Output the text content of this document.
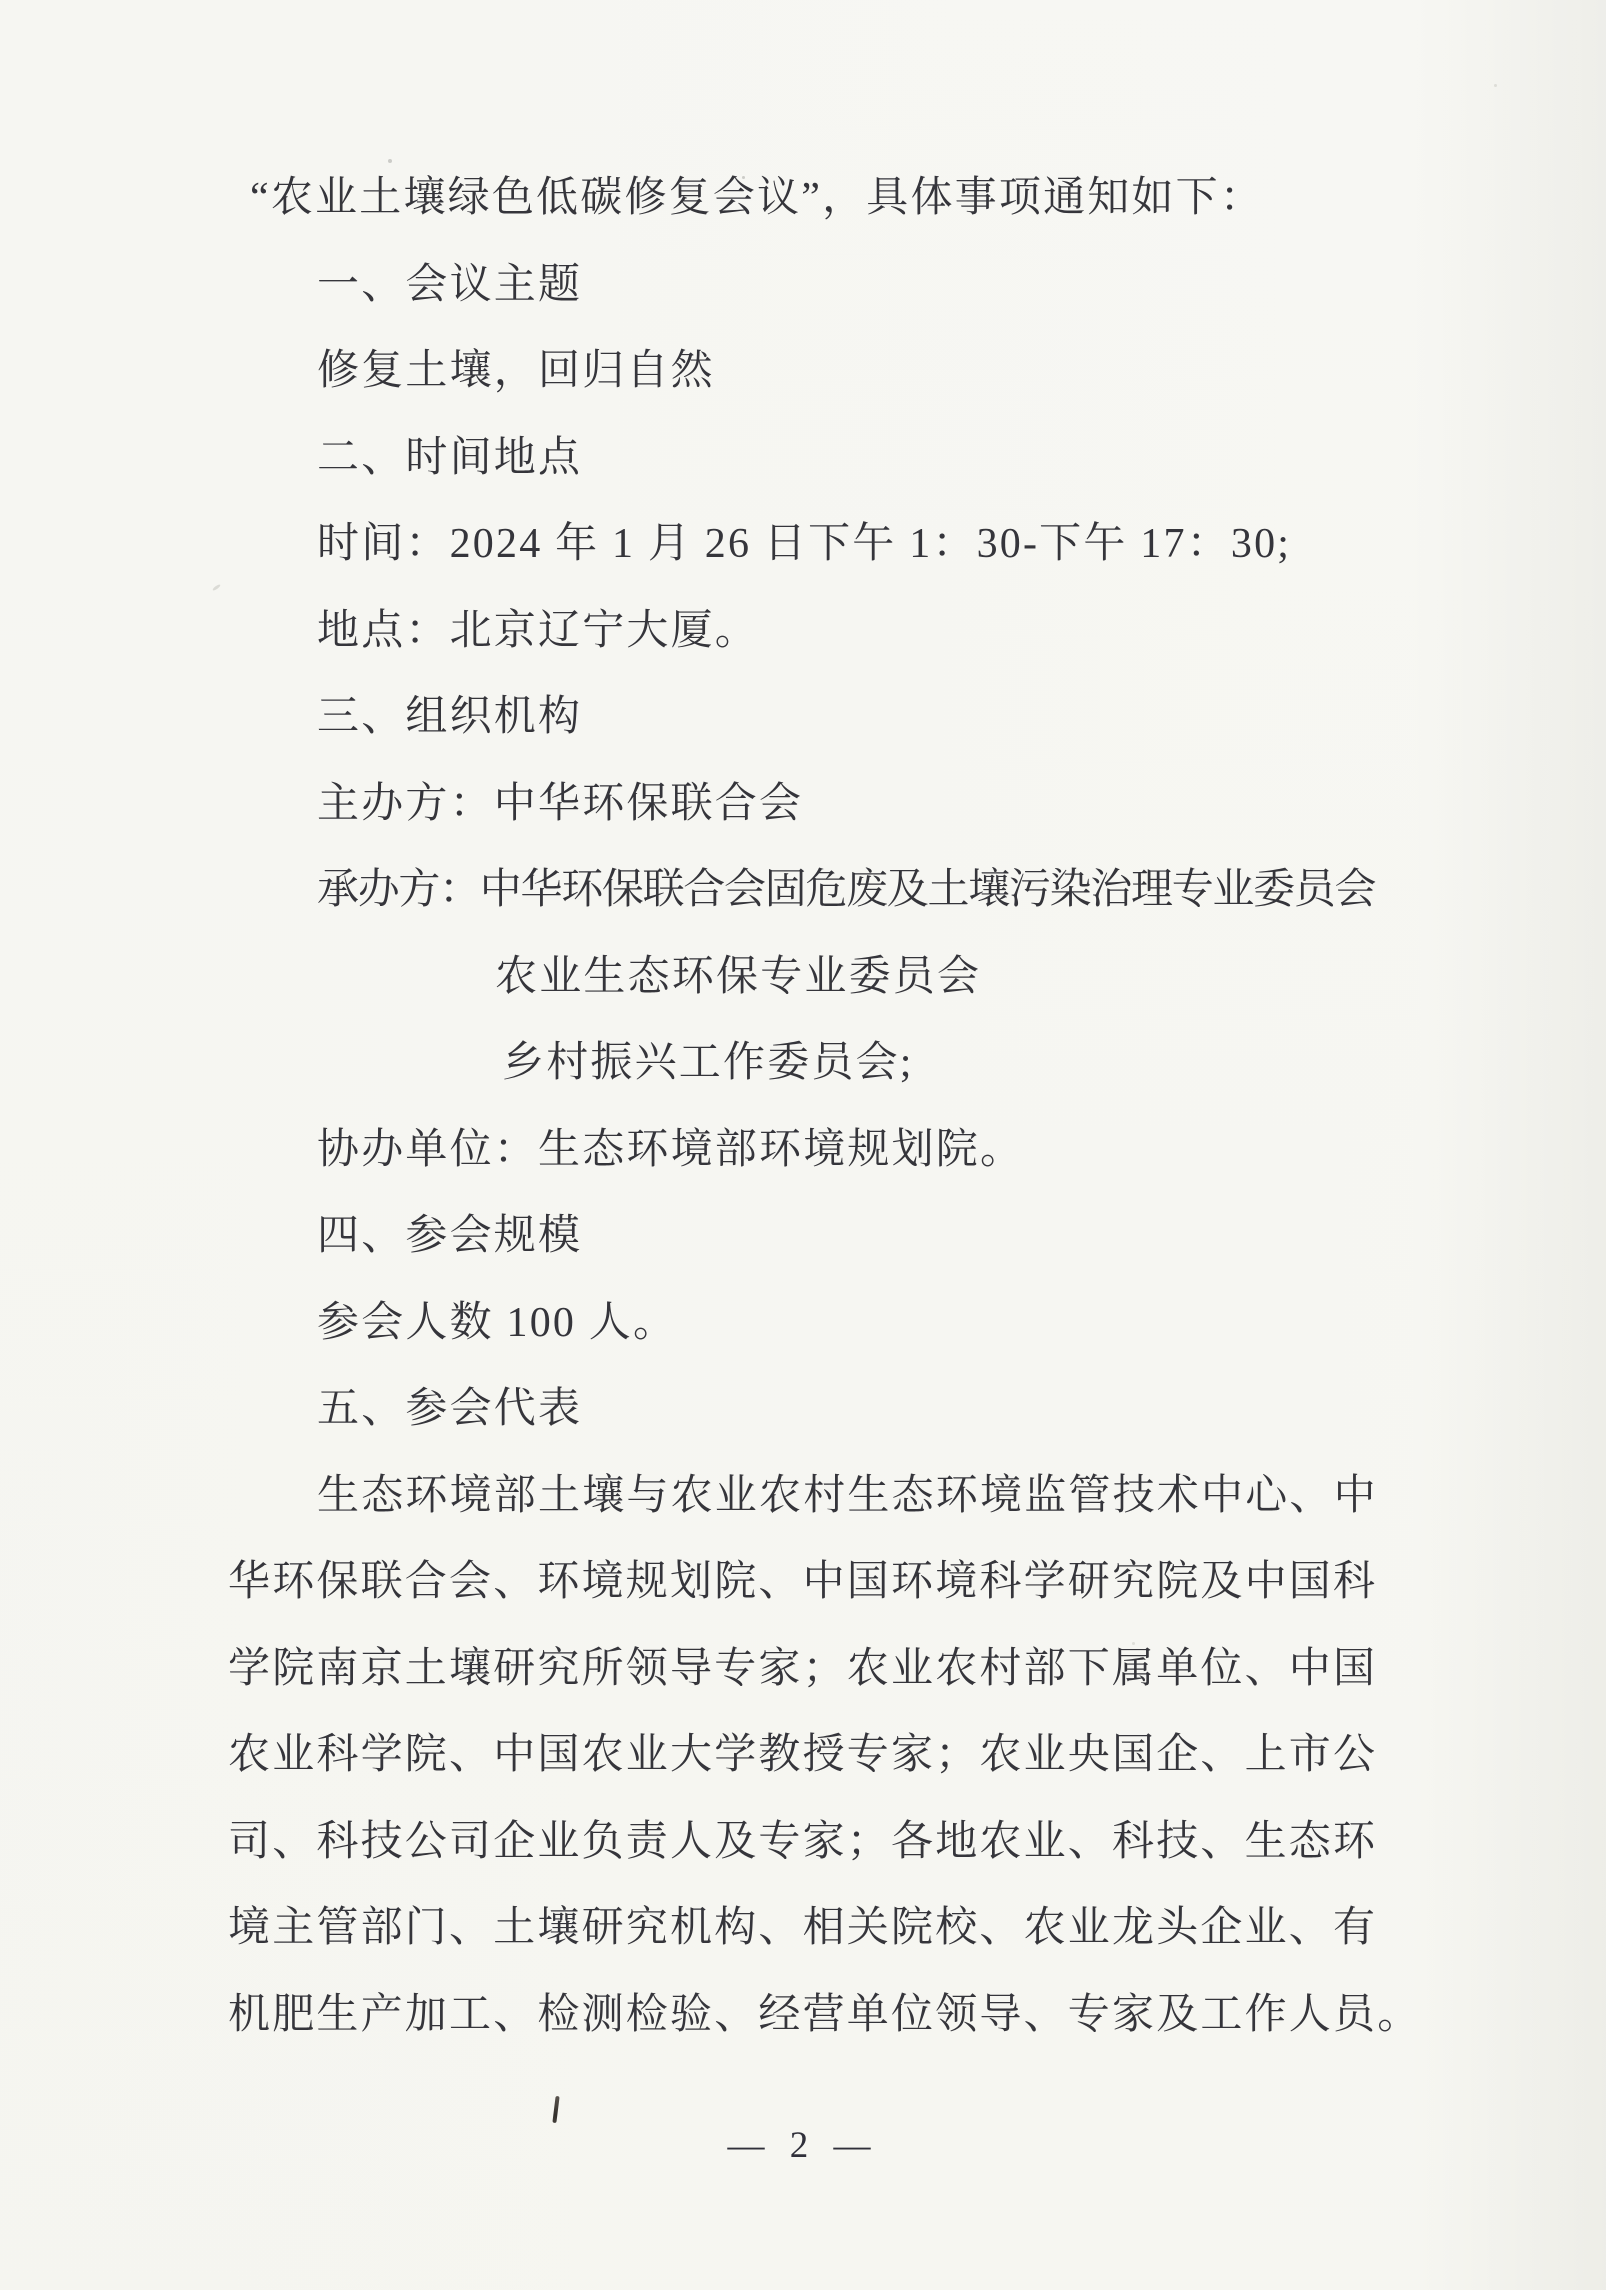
“农业土壤绿色低碳修复会议”，具体事项通知如下：
一、会议主题
修复土壤，回归自然
二、时间地点
时间：2024 年 1 月 26 日下午 1：30-下午 17：30;
地点：北京辽宁大厦。
三、组织机构
主办方：中华环保联合会
承办方：中华环保联合会固危废及土壤污染治理专业委员会
农业生态环保专业委员会
乡村振兴工作委员会;
协办单位：生态环境部环境规划院。
四、参会规模
参会人数 100 人。
五、参会代表
生态环境部土壤与农业农村生态环境监管技术中心、中
华环保联合会、环境规划院、中国环境科学研究院及中国科
学院南京土壤研究所领导专家；农业农村部下属单位、中国
农业科学院、中国农业大学教授专家；农业央国企、上市公
司、科技公司企业负责人及专家；各地农业、科技、生态环
境主管部门、土壤研究机构、相关院校、农业龙头企业、有
机肥生产加工、检测检验、经营单位领导、专家及工作人员。
— 2 —
